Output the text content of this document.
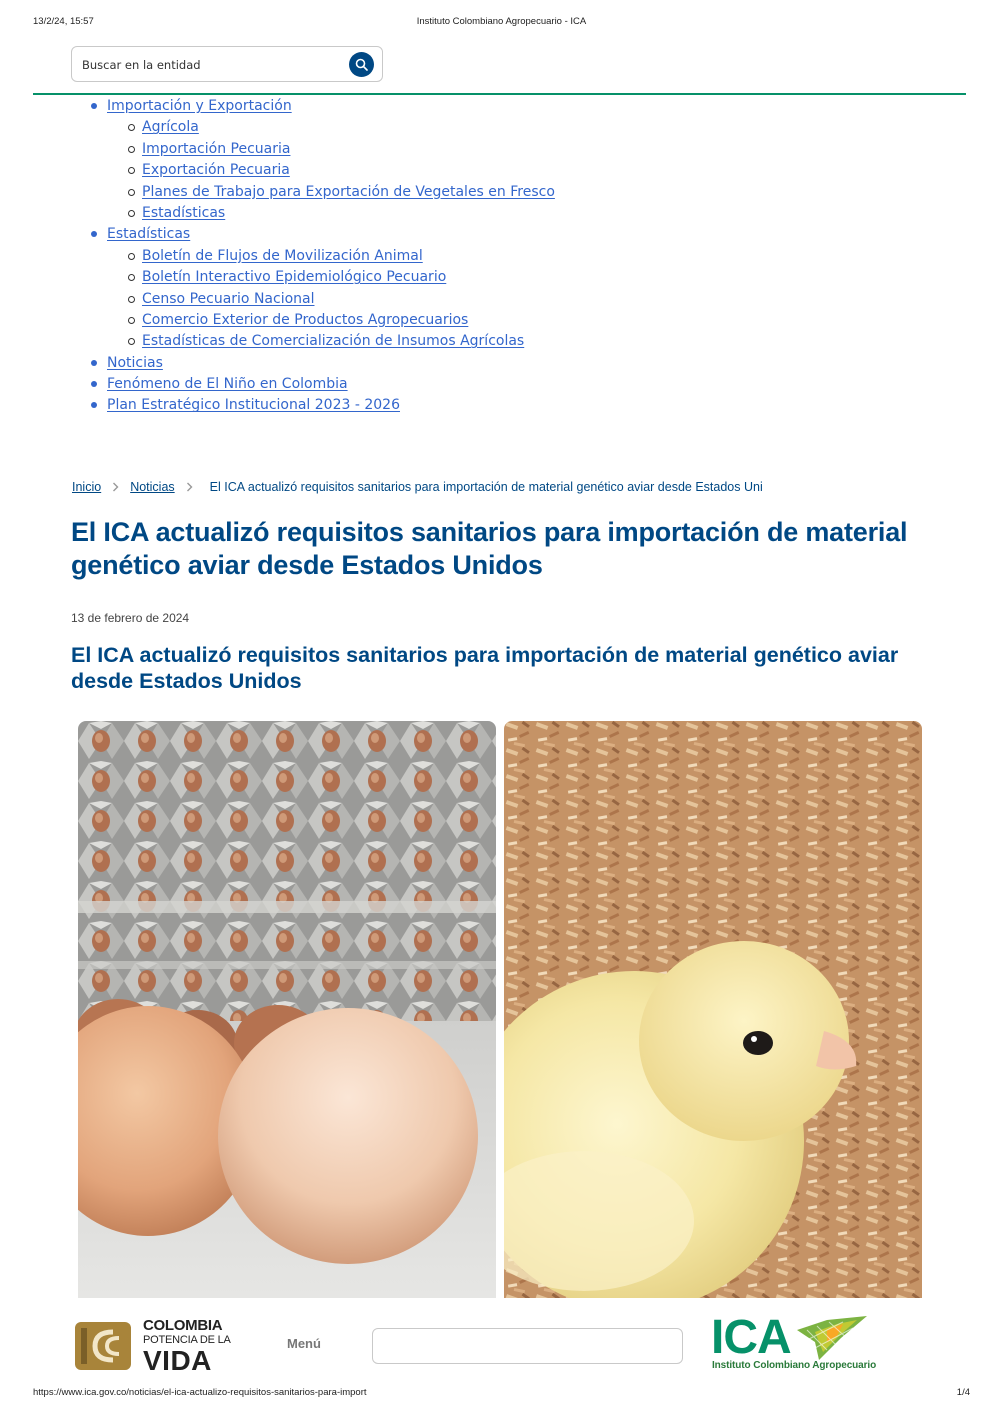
13/2/24, 15:57	Instituto Colombiano Agropecuario - ICA
Buscar en la entidad
Importación y Exportación
Agrícola
Importación Pecuaria
Exportación Pecuaria
Planes de Trabajo para Exportación de Vegetales en Fresco
Estadísticas
Estadísticas
Boletín de Flujos de Movilización Animal
Boletín Interactivo Epidemiológico Pecuario
Censo Pecuario Nacional
Comercio Exterior de Productos Agropecuarios
Estadísticas de Comercialización de Insumos Agrícolas
Noticias
Fenómeno de El Niño en Colombia
Plan Estratégico Institucional 2023 - 2026
Inicio Noticias	El ICA actualizó requisitos sanitarios para importación de material genético aviar desde Estados Uni
El ICA actualizó requisitos sanitarios para importación de material genético aviar desde Estados Unidos
13 de febrero de 2024
El ICA actualizó requisitos sanitarios para importación de material genético aviar desde Estados Unidos
COLOMBIA
POTENCIA DE LA
VIDA
Menú	ICA
Instituto Colombiano Agropecuario
https://www.ica.gov.co/noticias/el-ica-actualizo-requisitos-sanitarios-para-import	1/4
